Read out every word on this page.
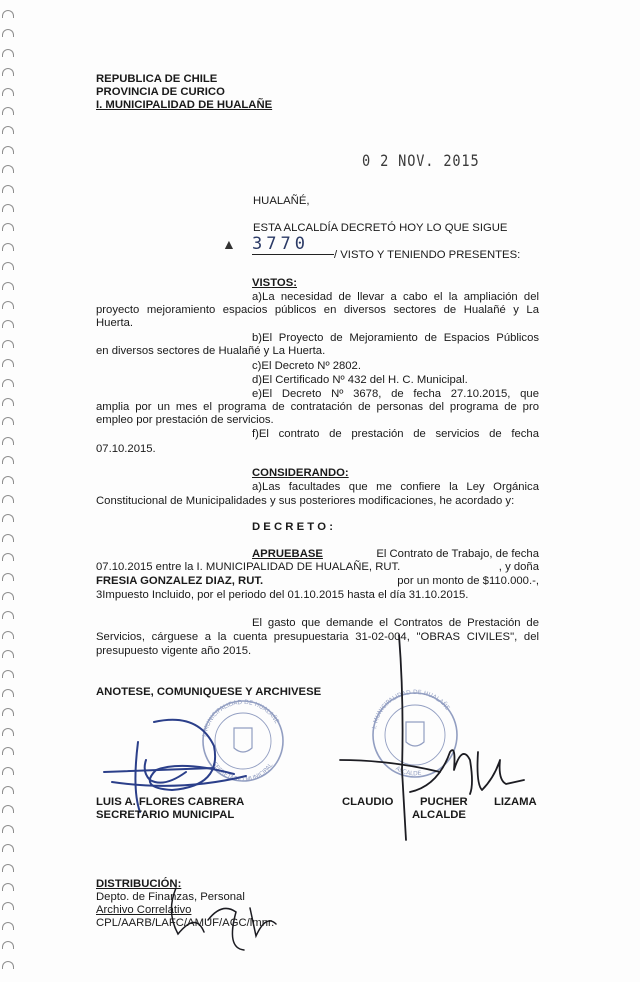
REPUBLICA DE CHILE
PROVINCIA DE CURICO
I. MUNICIPALIDAD DE HUALAÑE
0 2 NOV. 2015
HUALAÑÉ,
ESTA ALCALDÍA DECRETÓ HOY LO QUE SIGUE
▲ 3770
/ VISTO Y TENIENDO PRESENTES:
VISTOS:
a)La necesidad de llevar a cabo el la ampliación del
proyecto mejoramiento espacios públicos en diversos sectores de Hualañé y La
Huerta.
b)El Proyecto de Mejoramiento de Espacios Públicos
en diversos sectores de Hualañé y La Huerta.
c)El Decreto Nº 2802.
d)El Certificado Nº 432 del H. C. Municipal.
e)El Decreto Nº 3678, de fecha 27.10.2015, que
amplia por un mes el programa de contratación de personas del programa de pro
empleo por prestación de servicios.
f)El contrato de prestación de servicios de fecha
07.10.2015.
CONSIDERANDO:
a)Las facultades que me confiere la Ley Orgánica
Constitucional de Municipalidades y sus posteriores modificaciones, he acordado y:
D E C R E T O :
APRUEBASE	El Contrato de Trabajo, de fecha
07.10.2015 entre la I. MUNICIPALIDAD DE HUALAÑE, RUT.	, y doña
FRESIA GONZALEZ DIAZ, RUT.	por un monto de $110.000.-,
3Impuesto Incluido, por el periodo del 01.10.2015 hasta el día 31.10.2015.
El gasto que demande el Contratos de Prestación de
Servicios, cárguese a la cuenta presupuestaria 31-02-004, "OBRAS CIVILES", del
presupuesto vigente año 2015.
ANOTESE, COMUNIQUESE Y ARCHIVESE
I. MUNICIPALIDAD DE HUALAÑE
SECRETARIO MUNICIPAL
I. MUNICIPALIDAD DE HUALAÑE
ALCALDE
LUIS A. FLORES CABRERA
SECRETARIO MUNICIPAL
CLAUDIO PUCHER LIZAMA
ALCALDE
DISTRIBUCIÓN:
Depto. de Finanzas, Personal
Archivo Correlativo
CPL/AARB/LAFC/AMUF/AGC/lmnr.
